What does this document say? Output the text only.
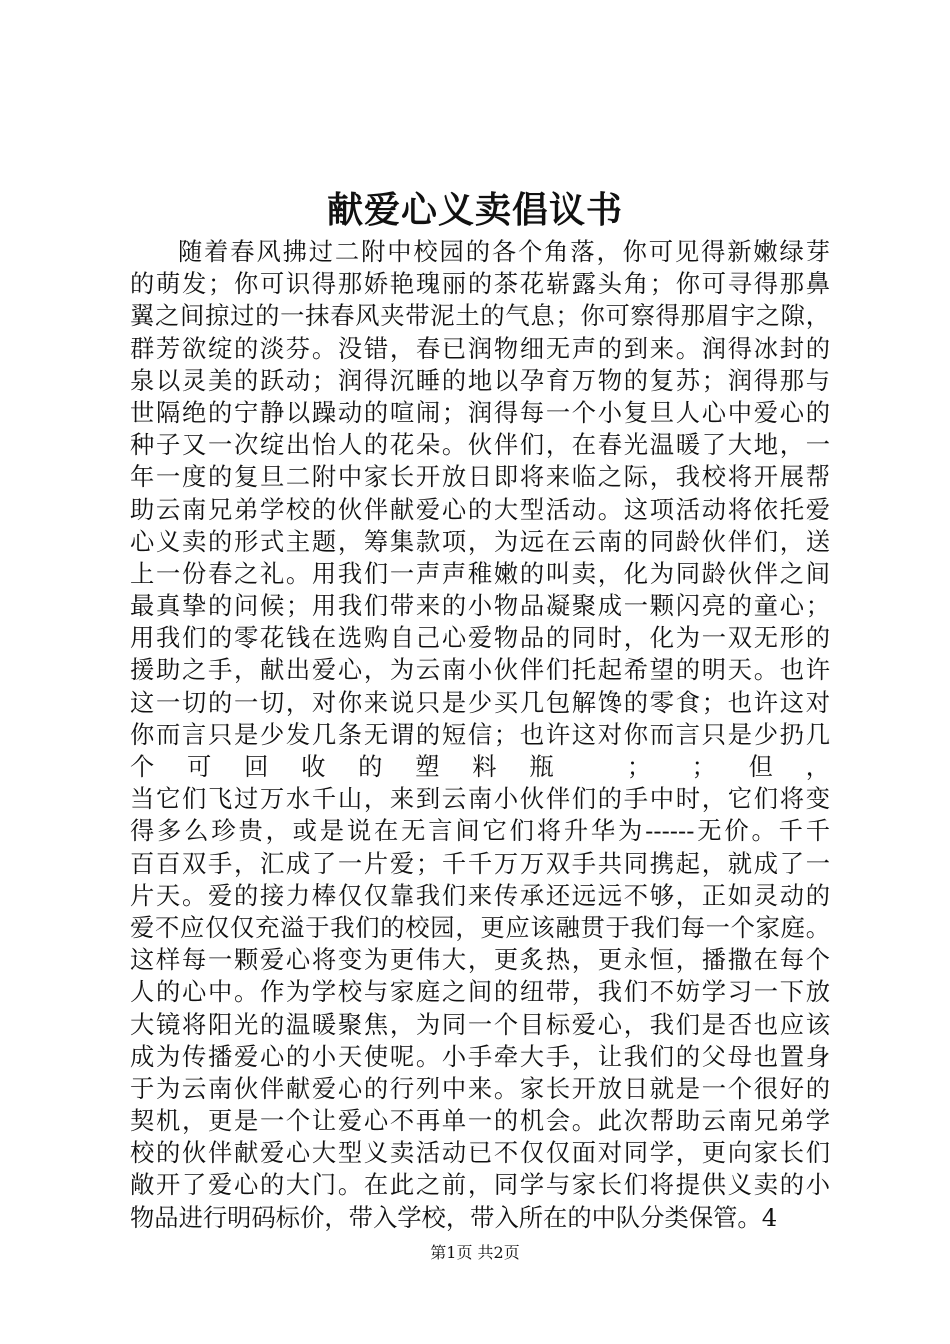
献爱心义卖倡议书
随着春风拂过二附中校园的各个角落，你可见得新嫩绿芽
的萌发；你可识得那娇艳瑰丽的茶花崭露头角；你可寻得那鼻
翼之间掠过的一抹春风夹带泥土的气息；你可察得那眉宇之隙，
群芳欲绽的淡芬。没错，春已润物细无声的到来。润得冰封的
泉以灵美的跃动；润得沉睡的地以孕育万物的复苏；润得那与
世隔绝的宁静以躁动的喧闹；润得每一个小复旦人心中爱心的
种子又一次绽出怡人的花朵。伙伴们，在春光温暖了大地，一
年一度的复旦二附中家长开放日即将来临之际，我校将开展帮
助云南兄弟学校的伙伴献爱心的大型活动。这项活动将依托爱
心义卖的形式主题，筹集款项，为远在云南的同龄伙伴们，送
上一份春之礼。用我们一声声稚嫩的叫卖，化为同龄伙伴之间
最真挚的问候；用我们带来的小物品凝聚成一颗闪亮的童心；
用我们的零花钱在选购自己心爱物品的同时，化为一双无形的
援助之手，献出爱心，为云南小伙伴们托起希望的明天。也许
这一切的一切，对你来说只是少买几包解馋的零食；也许这对
你而言只是少发几条无谓的短信；也许这对你而言只是少扔几
个可回收的塑料瓶 ； ；但，
当它们飞过万水千山，来到云南小伙伴们的手中时，它们将变
得多么珍贵，或是说在无言间它们将升华为------无价。千千
百百双手，汇成了一片爱；千千万万双手共同携起，就成了一
片天。爱的接力棒仅仅靠我们来传承还远远不够，正如灵动的
爱不应仅仅充溢于我们的校园，更应该融贯于我们每一个家庭。
这样每一颗爱心将变为更伟大，更炙热，更永恒，播撒在每个
人的心中。作为学校与家庭之间的纽带，我们不妨学习一下放
大镜将阳光的温暖聚焦，为同一个目标爱心，我们是否也应该
成为传播爱心的小天使呢。小手牵大手，让我们的父母也置身
于为云南伙伴献爱心的行列中来。家长开放日就是一个很好的
契机，更是一个让爱心不再单一的机会。此次帮助云南兄弟学
校的伙伴献爱心大型义卖活动已不仅仅面对同学，更向家长们
敞开了爱心的大门。在此之前，同学与家长们将提供义卖的小
物品进行明码标价，带入学校，带入所在的中队分类保管。4
第1页 共2页
